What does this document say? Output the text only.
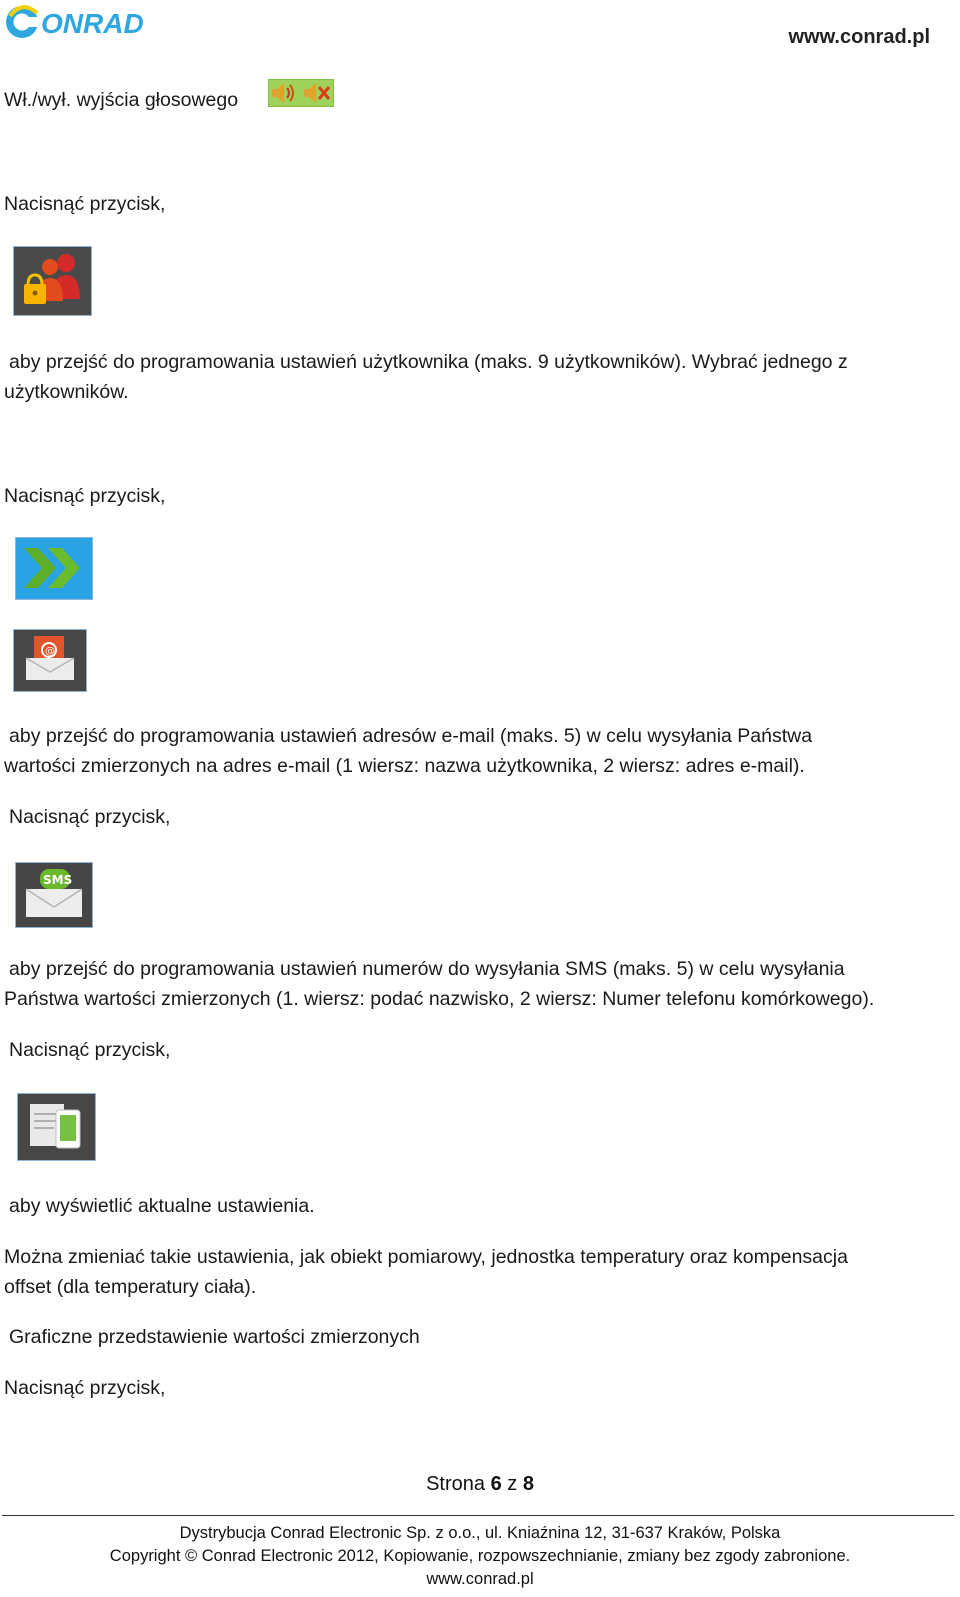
ONRAD	www.conrad.pl
Wł./wył. wyjścia głosowego
Nacisnąć przycisk,
aby przejść do programowania ustawień użytkownika (maks. 9 użytkowników). Wybrać jednego z
użytkowników.
Nacisnąć przycisk,
@
aby przejść do programowania ustawień adresów e-mail (maks. 5) w celu wysyłania Państwa
wartości zmierzonych na adres e-mail (1 wiersz: nazwa użytkownika, 2 wiersz: adres e-mail).
Nacisnąć przycisk,
SMS
aby przejść do programowania ustawień numerów do wysyłania SMS (maks. 5) w celu wysyłania
Państwa wartości zmierzonych (1. wiersz: podać nazwisko, 2 wiersz: Numer telefonu komórkowego).
Nacisnąć przycisk,
aby wyświetlić aktualne ustawienia.
Można zmieniać takie ustawienia, jak obiekt pomiarowy, jednostka temperatury oraz kompensacja
offset (dla temperatury ciała).
Graficzne przedstawienie wartości zmierzonych
Nacisnąć przycisk,
Strona 6 z 8
Dystrybucja Conrad Electronic Sp. z o.o., ul. Kniaźnina 12, 31-637 Kraków, Polska
Copyright © Conrad Electronic 2012, Kopiowanie, rozpowszechnianie, zmiany bez zgody zabronione.
www.conrad.pl
